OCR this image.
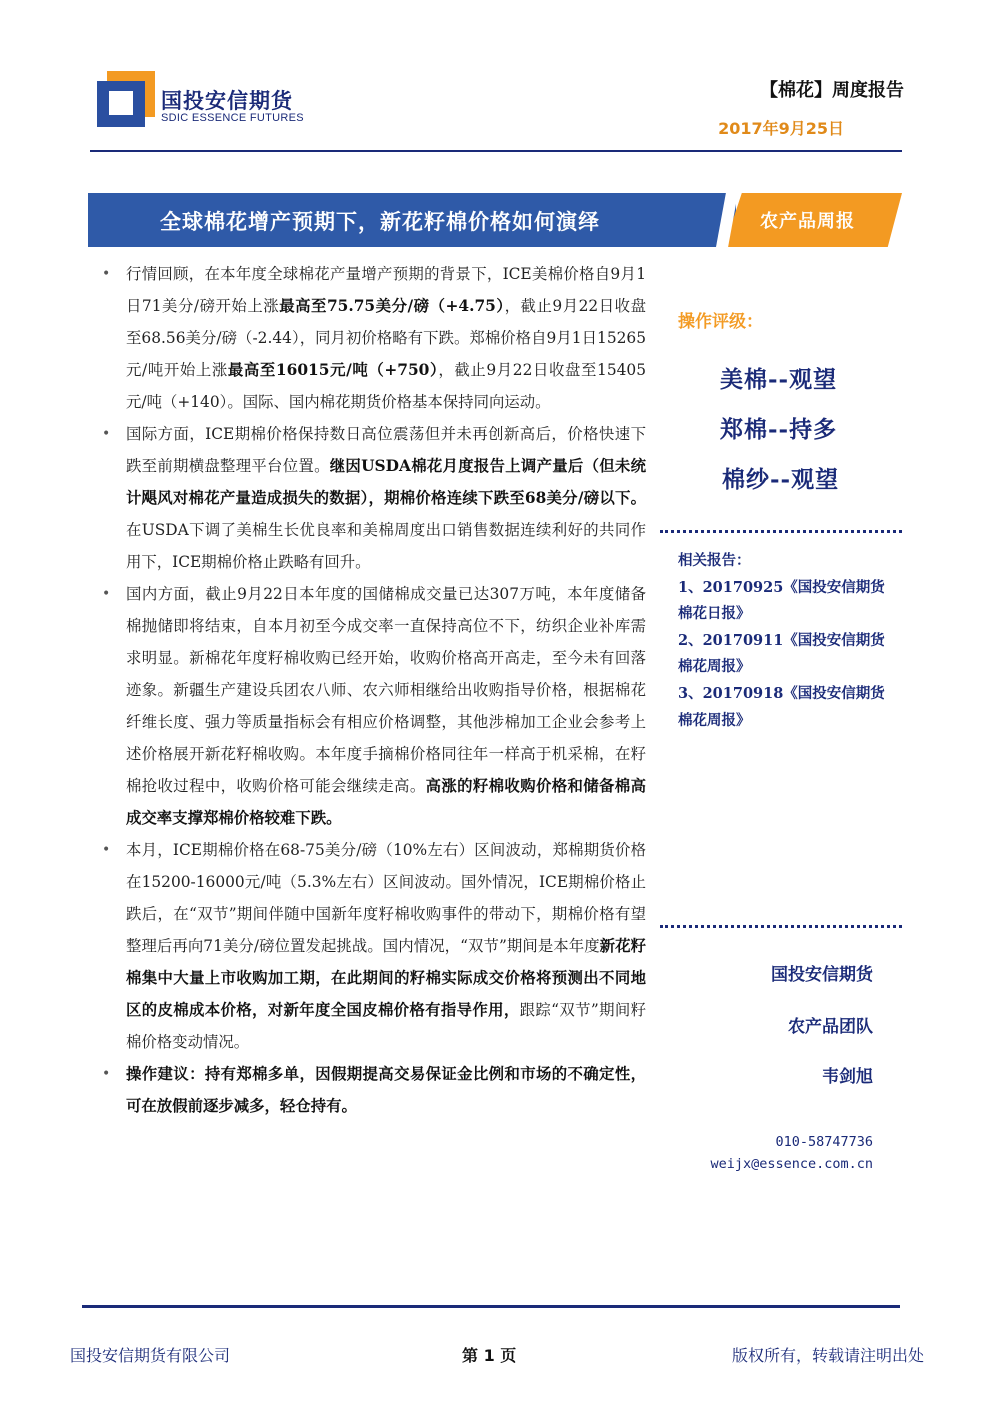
国投安信期货
SDIC ESSENCE FUTURES
【棉花】周度报告
2017年9月25日
全球棉花增产预期下，新花籽棉价格如何演绎	农产品周报
• 行情回顾，在本年度全球棉花产量增产预期的背景下，ICE美棉价格自9月1日71美分/磅开始上涨最高至75.75美分/磅（+4.75），截止9月22日收盘至68.56美分/磅（-2.44），同月初价格略有下跌。郑棉价格自9月1日15265元/吨开始上涨最高至16015元/吨（+750），截止9月22日收盘至15405元/吨（+140）。国际、国内棉花期货价格基本保持同向运动。
• 国际方面，ICE期棉价格保持数日高位震荡但并未再创新高后，价格快速下跌至前期横盘整理平台位置。继因USDA棉花月度报告上调产量后（但未统计飓风对棉花产量造成损失的数据），期棉价格连续下跌至68美分/磅以下。在USDA下调了美棉生长优良率和美棉周度出口销售数据连续利好的共同作用下，ICE期棉价格止跌略有回升。
• 国内方面，截止9月22日本年度的国储棉成交量已达307万吨，本年度储备棉抛储即将结束，自本月初至今成交率一直保持高位不下，纺织企业补库需求明显。新棉花年度籽棉收购已经开始，收购价格高开高走，至今未有回落迹象。新疆生产建设兵团农八师、农六师相继给出收购指导价格，根据棉花纤维长度、强力等质量指标会有相应价格调整，其他涉棉加工企业会参考上述价格展开新花籽棉收购。本年度手摘棉价格同往年一样高于机采棉，在籽棉抢收过程中，收购价格可能会继续走高。高涨的籽棉收购价格和储备棉高成交率支撑郑棉价格较难下跌。
• 本月，ICE期棉价格在68-75美分/磅（10%左右）区间波动，郑棉期货价格在15200-16000元/吨（5.3%左右）区间波动。国外情况，ICE期棉价格止跌后，在“双节”期间伴随中国新年度籽棉收购事件的带动下，期棉价格有望整理后再向71美分/磅位置发起挑战。国内情况，“双节”期间是本年度新花籽棉集中大量上市收购加工期，在此期间的籽棉实际成交价格将预测出不同地区的皮棉成本价格，对新年度全国皮棉价格有指导作用，跟踪“双节”期间籽棉价格变动情况。
• 操作建议：持有郑棉多单，因假期提高交易保证金比例和市场的不确定性，可在放假前逐步减多，轻仓持有。
操作评级：
美棉--观望
郑棉--持多
棉纱--观望
相关报告：
1、20170925《国投安信期货棉花日报》
2、20170911《国投安信期货棉花周报》
3、20170918《国投安信期货棉花周报》
国投安信期货
农产品团队
韦剑旭
010-58747736
weijx@essence.com.cn
国投安信期货有限公司	第 1 页	版权所有，转载请注明出处
